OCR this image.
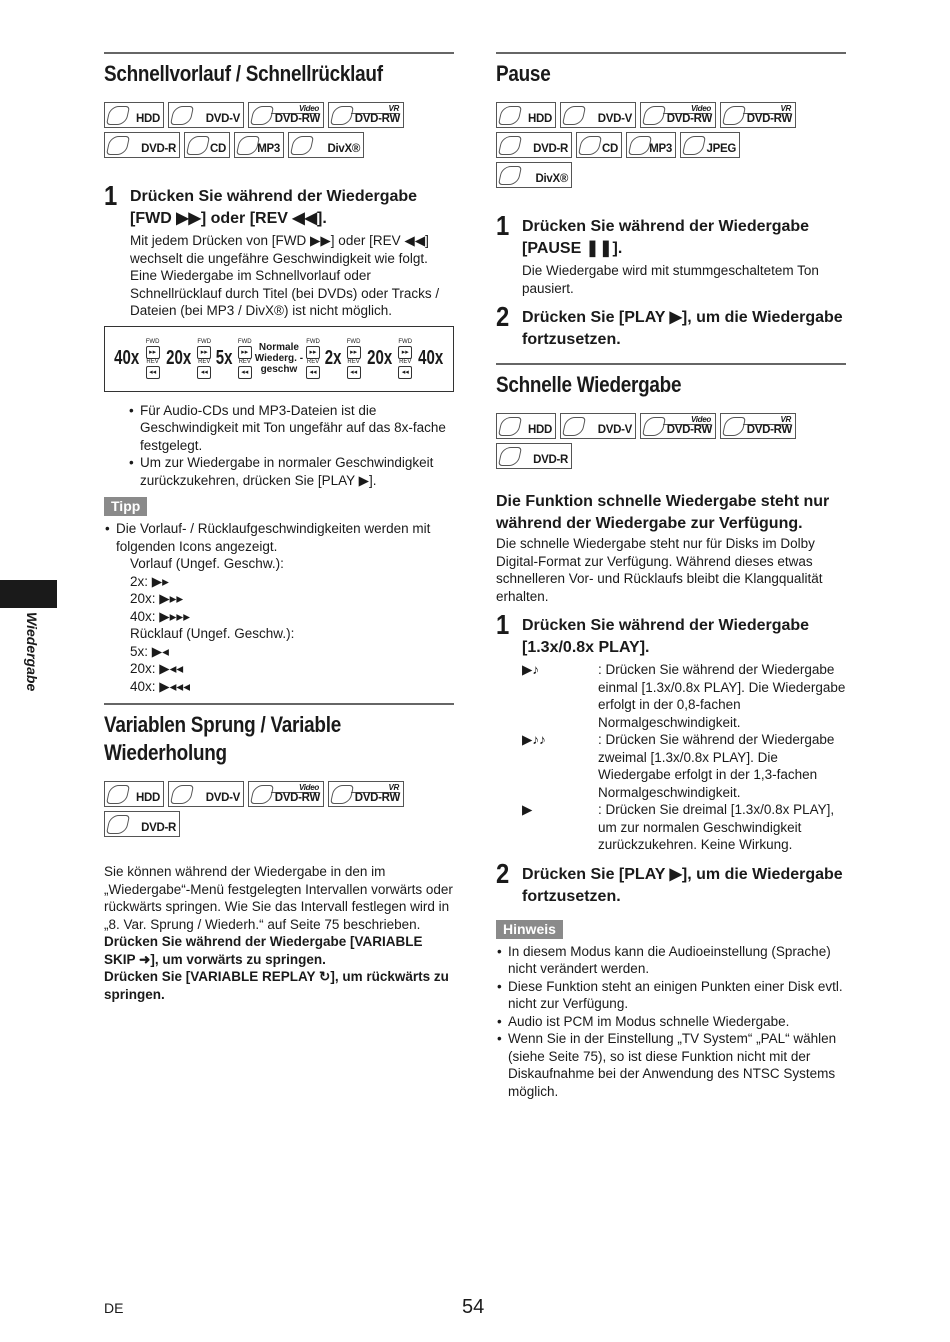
Wiedergabe
Schnellvorlauf / Schnellrücklauf
HDD	DVD-V
Video
DVD-RW
VR
DVD-RW
DVD-R	CD	MP3	DivX®
1 Drücken Sie während der Wiedergabe [FWD ▶▶] oder [REV ◀◀].
Mit jedem Drücken von [FWD ▶▶] oder [REV ◀◀] wechselt die ungefähre Geschwindigkeit wie folgt. Eine Wiedergabe im Schnellvorlauf oder Schnellrücklauf durch Titel (bei DVDs) oder Tracks / Dateien (bei MP3 / DivX®) ist nicht möglich.
40x
FWD
▸▸
REV
◂◂
20x
FWD
▸▸
REV
◂◂
5x
FWD
▸▸
REV
◂◂
Normale Wiederg. -geschw
FWD
▸▸
REV
◂◂
2x
FWD
▸▸
REV
◂◂
20x
FWD
▸▸
REV
◂◂
40x
• Für Audio-CDs und MP3-Dateien ist die Geschwindigkeit mit Ton ungefähr auf das 8x-fache festgelegt.
• Um zur Wiedergabe in normaler Geschwindigkeit zurückzukehren, drücken Sie [PLAY ▶].
Tipp
• Die Vorlauf- / Rücklaufgeschwindigkeiten werden mit folgenden Icons angezeigt.
Vorlauf (Ungef. Geschw.):
2x: ▶▸
20x: ▶▸▸
40x: ▶▸▸▸
Rücklauf (Ungef. Geschw.):
5x: ▶◂
20x: ▶◂◂
40x: ▶◂◂◂
Variablen Sprung / Variable Wiederholung
HDD	DVD-V
Video
DVD-RW
VR
DVD-RW
DVD-R
Sie können während der Wiedergabe in den im „Wiedergabe“-Menü festgelegten Intervallen vorwärts oder rückwärts springen. Wie Sie das Intervall festlegen wird in „8. Var. Sprung / Wiederh.“ auf Seite 75 beschrieben.
Drücken Sie während der Wiedergabe [VARIABLE SKIP ➜], um vorwärts zu springen.
Drücken Sie [VARIABLE REPLAY ↻], um rückwärts zu springen.
Pause
HDD	DVD-V
Video
DVD-RW
VR
DVD-RW
DVD-R	CD	MP3	JPEG
DivX®
1 Drücken Sie während der Wiedergabe [PAUSE ❚❚].
Die Wiedergabe wird mit stummgeschaltetem Ton pausiert.
2 Drücken Sie [PLAY ▶], um die Wiedergabe fortzusetzen.
Schnelle Wiedergabe
HDD	DVD-V
Video
DVD-RW
VR
DVD-RW
DVD-R
Die Funktion schnelle Wiedergabe steht nur während der Wiedergabe zur Verfügung.
Die schnelle Wiedergabe steht nur für Disks im Dolby Digital-Format zur Verfügung. Während dieses etwas schnelleren Vor- und Rücklaufs bleibt die Klangqualität erhalten.
1 Drücken Sie während der Wiedergabe [1.3x/0.8x PLAY].
▶♪	: Drücken Sie während der Wiedergabe einmal [1.3x/0.8x PLAY]. Die Wiedergabe erfolgt in der 0,8-fachen Normalgeschwindigkeit.
▶♪♪	: Drücken Sie während der Wiedergabe zweimal [1.3x/0.8x PLAY]. Die Wiedergabe erfolgt in der 1,3-fachen Normalgeschwindigkeit.
▶	: Drücken Sie dreimal [1.3x/0.8x PLAY], um zur normalen Geschwindigkeit zurückzukehren. Keine Wirkung.
2 Drücken Sie [PLAY ▶], um die Wiedergabe fortzusetzen.
Hinweis
• In diesem Modus kann die Audioeinstellung (Sprache) nicht verändert werden.
• Diese Funktion steht an einigen Punkten einer Disk evtl. nicht zur Verfügung.
• Audio ist PCM im Modus schnelle Wiedergabe.
• Wenn Sie in der Einstellung „TV System“ „PAL“ wählen (siehe Seite 75), so ist diese Funktion nicht mit der Diskaufnahme bei der Anwendung des NTSC Systems möglich.
DE	54
